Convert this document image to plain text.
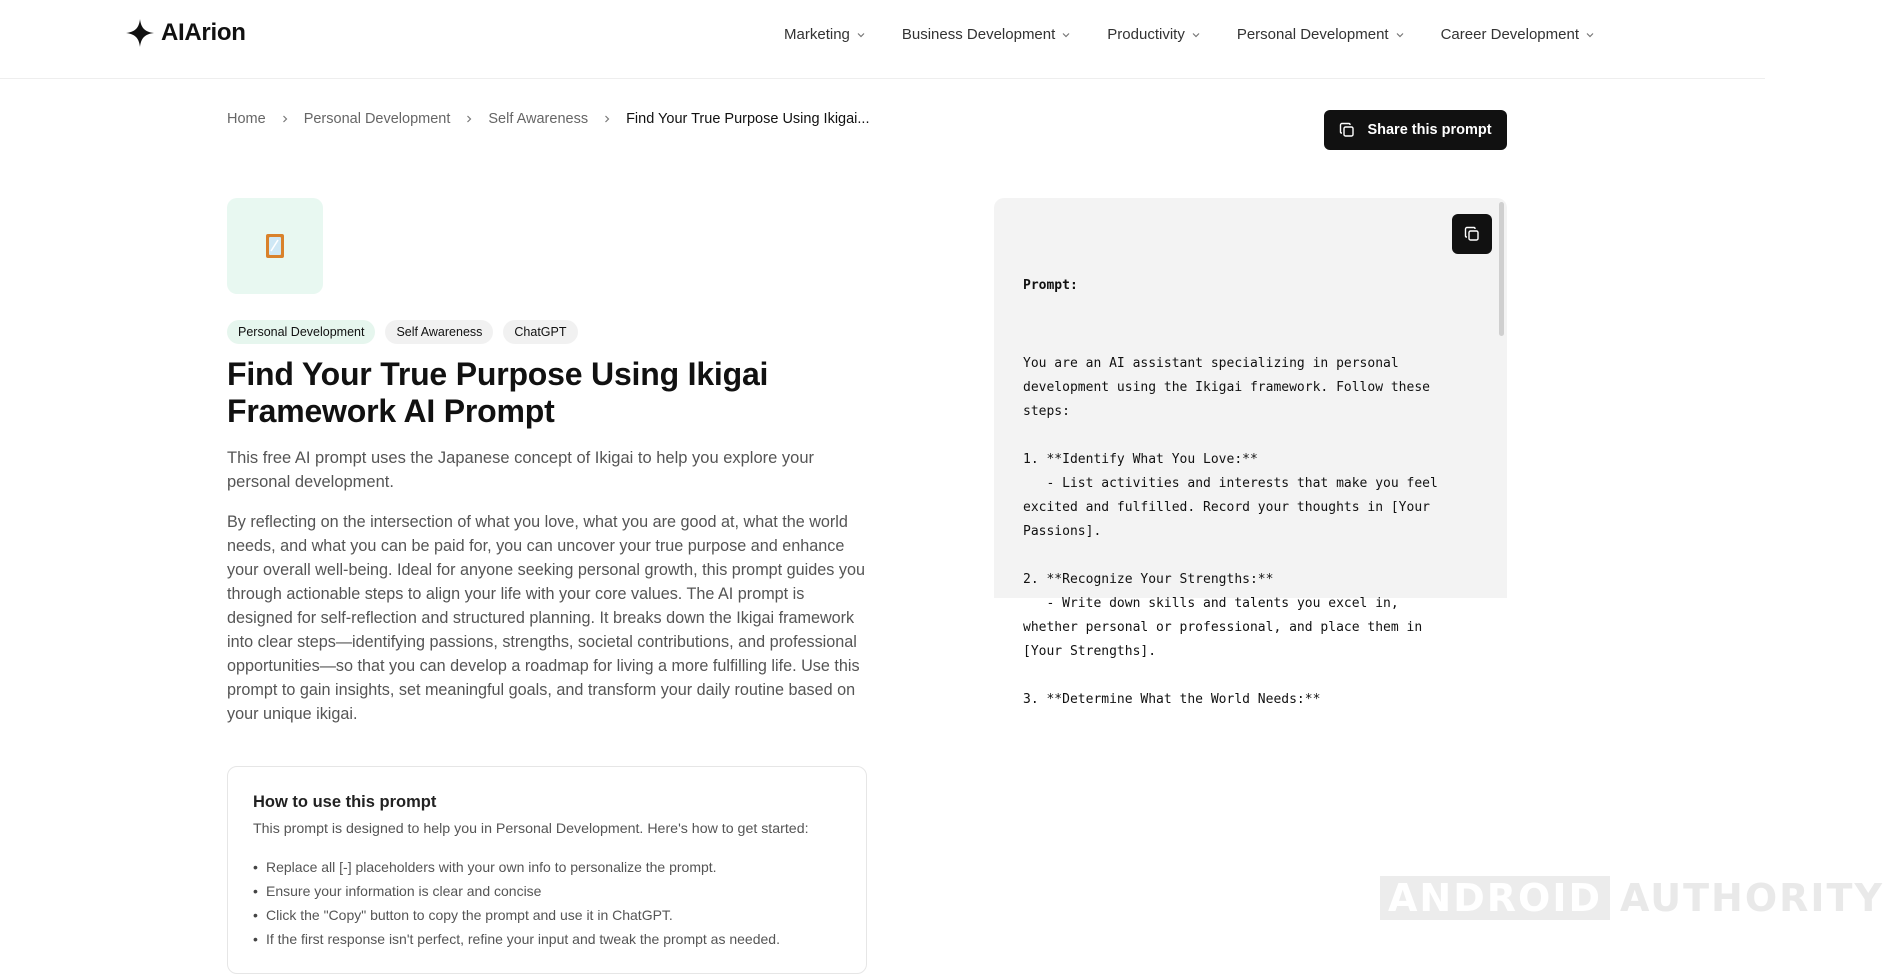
AIArion	Marketing	Business Development	Productivity	Personal Development	Career Development
Home	Personal Development	Self Awareness	Find Your True Purpose Using Ikigai...
Share this prompt
Personal Development	Self Awareness	ChatGPT
Find Your True Purpose Using Ikigai Framework AI Prompt

This free AI prompt uses the Japanese concept of Ikigai to help you explore your personal development.

By reflecting on the intersection of what you love, what you are good at, what the world needs, and what you can be paid for, you can uncover your true purpose and enhance your overall well-being. Ideal for anyone seeking personal growth, this prompt guides you through actionable steps to align your life with your core values. The AI prompt is designed for self-reflection and structured planning. It breaks down the Ikigai framework into clear steps—identifying passions, strengths, societal contributions, and professional opportunities—so that you can develop a roadmap for living a more fulfilling life. Use this prompt to gain insights, set meaningful goals, and transform your daily routine based on your unique ikigai.

How to use this prompt
This prompt is designed to help you in Personal Development. Here's how to get started:
• Replace all [-] placeholders with your own info to personalize the prompt.
• Ensure your information is clear and concise
• Click the "Copy" button to copy the prompt and use it in ChatGPT.
• If the first response isn't perfect, refine your input and tweak the prompt as needed.

Prompt:

You are an AI assistant specializing in personal development using the Ikigai framework. Follow these steps:

1. **Identify What You Love:**
- List activities and interests that make you feel excited and fulfilled. Record your thoughts in [Your Passions].

2. **Recognize Your Strengths:**
- Write down skills and talents you excel in, whether personal or professional, and place them in [Your Strengths].

3. **Determine What the World Needs:**

ANDROID AUTHORITY
